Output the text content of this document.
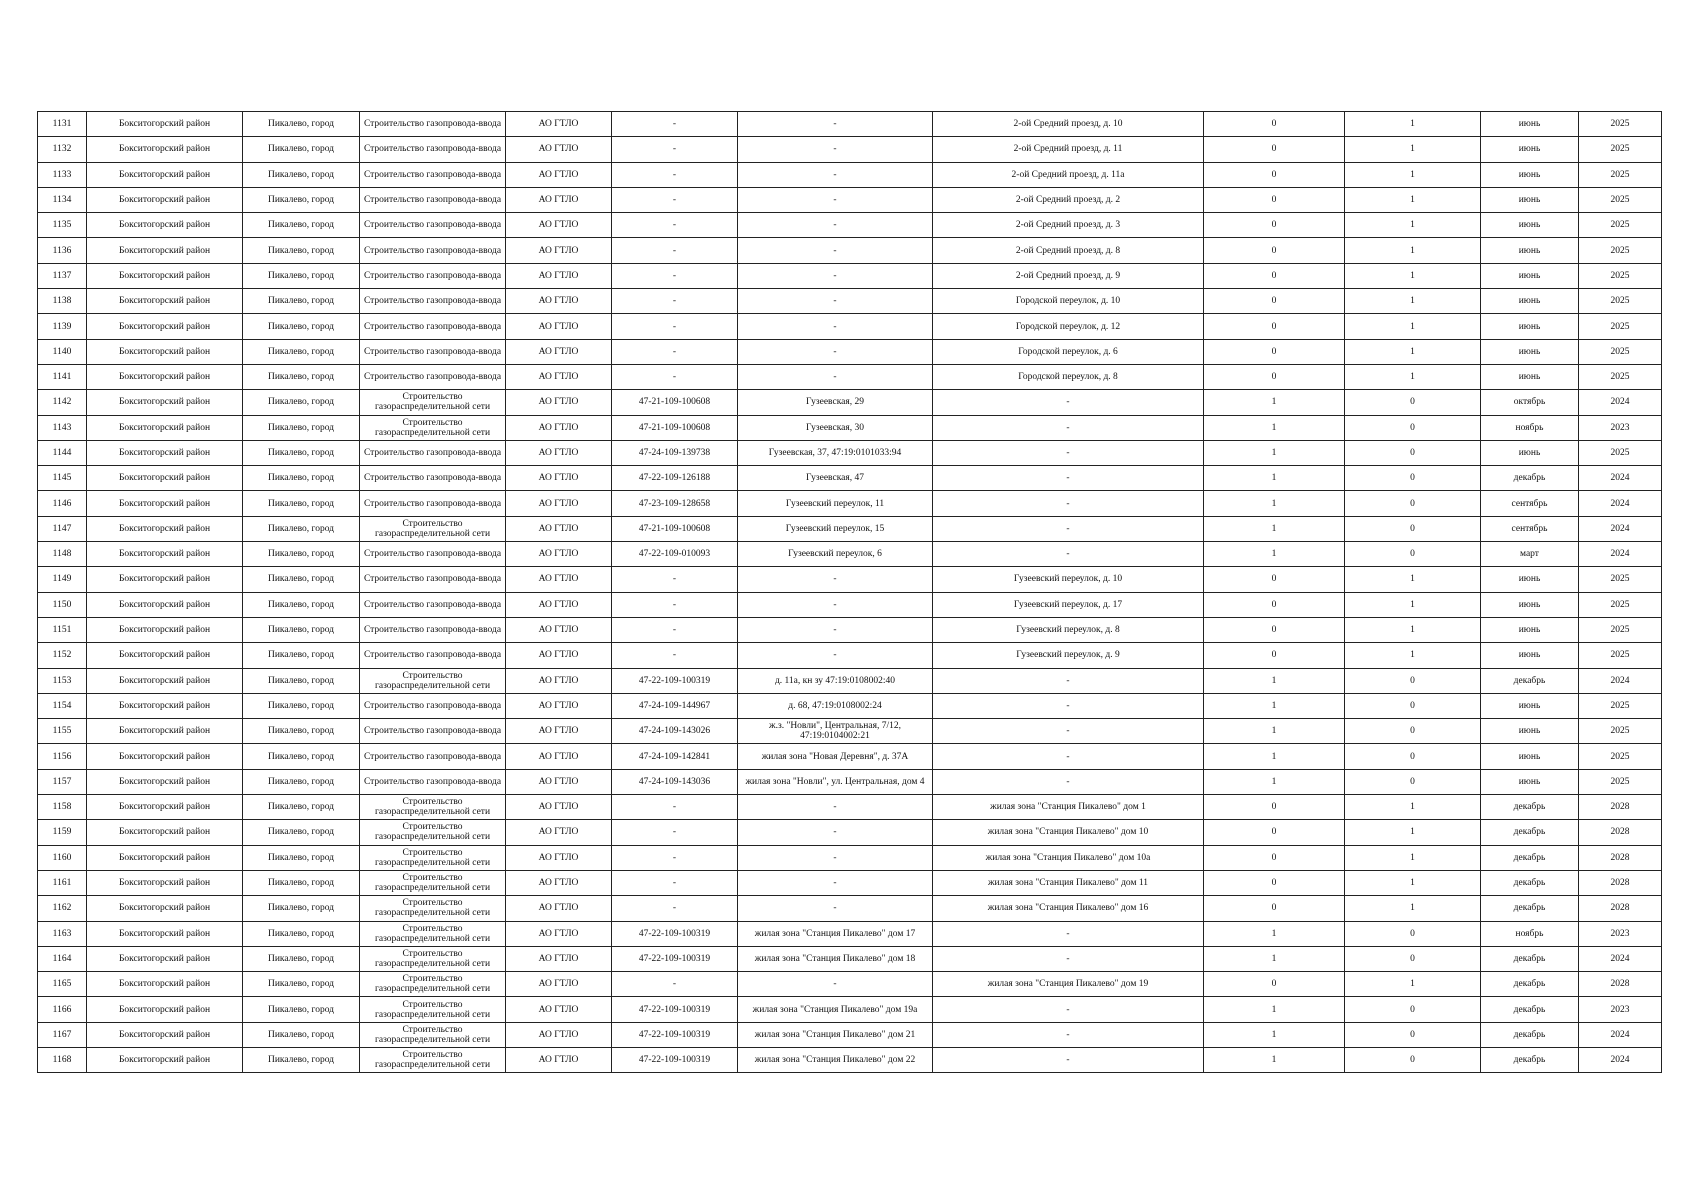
1131	Бокситогорский район	Пикалево, город	Строительство газопровода-ввода	АО ГТЛО	-	-	2-ой Средний проезд, д. 10	0	1	июнь	2025
1132	Бокситогорский район	Пикалево, город	Строительство газопровода-ввода	АО ГТЛО	-	-	2-ой Средний проезд, д. 11	0	1	июнь	2025
1133	Бокситогорский район	Пикалево, город	Строительство газопровода-ввода	АО ГТЛО	-	-	2-ой Средний проезд, д. 11а	0	1	июнь	2025
1134	Бокситогорский район	Пикалево, город	Строительство газопровода-ввода	АО ГТЛО	-	-	2-ой Средний проезд, д. 2	0	1	июнь	2025
1135	Бокситогорский район	Пикалево, город	Строительство газопровода-ввода	АО ГТЛО	-	-	2-ой Средний проезд, д. 3	0	1	июнь	2025
1136	Бокситогорский район	Пикалево, город	Строительство газопровода-ввода	АО ГТЛО	-	-	2-ой Средний проезд, д. 8	0	1	июнь	2025
1137	Бокситогорский район	Пикалево, город	Строительство газопровода-ввода	АО ГТЛО	-	-	2-ой Средний проезд, д. 9	0	1	июнь	2025
1138	Бокситогорский район	Пикалево, город	Строительство газопровода-ввода	АО ГТЛО	-	-	Городской переулок, д. 10	0	1	июнь	2025
1139	Бокситогорский район	Пикалево, город	Строительство газопровода-ввода	АО ГТЛО	-	-	Городской переулок, д. 12	0	1	июнь	2025
1140	Бокситогорский район	Пикалево, город	Строительство газопровода-ввода	АО ГТЛО	-	-	Городской переулок, д. 6	0	1	июнь	2025
1141	Бокситогорский район	Пикалево, город	Строительство газопровода-ввода	АО ГТЛО	-	-	Городской переулок, д. 8	0	1	июнь	2025
1142	Бокситогорский район	Пикалево, город	Строительство газораспределительной сети	АО ГТЛО	47-21-109-100608	Гузеевская, 29	-	1	0	октябрь	2024
1143	Бокситогорский район	Пикалево, город	Строительство газораспределительной сети	АО ГТЛО	47-21-109-100608	Гузеевская, 30	-	1	0	ноябрь	2023
1144	Бокситогорский район	Пикалево, город	Строительство газопровода-ввода	АО ГТЛО	47-24-109-139738	Гузеевская, 37, 47:19:0101033:94	-	1	0	июнь	2025
1145	Бокситогорский район	Пикалево, город	Строительство газопровода-ввода	АО ГТЛО	47-22-109-126188	Гузеевская, 47	-	1	0	декабрь	2024
1146	Бокситогорский район	Пикалево, город	Строительство газопровода-ввода	АО ГТЛО	47-23-109-128658	Гузеевский переулок, 11	-	1	0	сентябрь	2024
1147	Бокситогорский район	Пикалево, город	Строительство газораспределительной сети	АО ГТЛО	47-21-109-100608	Гузеевский переулок, 15	-	1	0	сентябрь	2024
1148	Бокситогорский район	Пикалево, город	Строительство газопровода-ввода	АО ГТЛО	47-22-109-010093	Гузеевский переулок, 6	-	1	0	март	2024
1149	Бокситогорский район	Пикалево, город	Строительство газопровода-ввода	АО ГТЛО	-	-	Гузеевский переулок, д. 10	0	1	июнь	2025
1150	Бокситогорский район	Пикалево, город	Строительство газопровода-ввода	АО ГТЛО	-	-	Гузеевский переулок, д. 17	0	1	июнь	2025
1151	Бокситогорский район	Пикалево, город	Строительство газопровода-ввода	АО ГТЛО	-	-	Гузеевский переулок, д. 8	0	1	июнь	2025
1152	Бокситогорский район	Пикалево, город	Строительство газопровода-ввода	АО ГТЛО	-	-	Гузеевский переулок, д. 9	0	1	июнь	2025
1153	Бокситогорский район	Пикалево, город	Строительство газораспределительной сети	АО ГТЛО	47-22-109-100319	д. 11а, кн зу 47:19:0108002:40	-	1	0	декабрь	2024
1154	Бокситогорский район	Пикалево, город	Строительство газопровода-ввода	АО ГТЛО	47-24-109-144967	д. 68, 47:19:0108002:24	-	1	0	июнь	2025
1155	Бокситогорский район	Пикалево, город	Строительство газопровода-ввода	АО ГТЛО	47-24-109-143026	ж.з. "Новли", Центральная, 7/12, 47:19:0104002:21	-	1	0	июнь	2025
1156	Бокситогорский район	Пикалево, город	Строительство газопровода-ввода	АО ГТЛО	47-24-109-142841	жилая зона "Новая Деревня", д. 37А	-	1	0	июнь	2025
1157	Бокситогорский район	Пикалево, город	Строительство газопровода-ввода	АО ГТЛО	47-24-109-143036	жилая зона "Новли", ул. Центральная, дом 4	-	1	0	июнь	2025
1158	Бокситогорский район	Пикалево, город	Строительство газораспределительной сети	АО ГТЛО	-	-	жилая зона "Станция Пикалево" дом 1	0	1	декабрь	2028
1159	Бокситогорский район	Пикалево, город	Строительство газораспределительной сети	АО ГТЛО	-	-	жилая зона "Станция Пикалево" дом 10	0	1	декабрь	2028
1160	Бокситогорский район	Пикалево, город	Строительство газораспределительной сети	АО ГТЛО	-	-	жилая зона "Станция Пикалево" дом 10а	0	1	декабрь	2028
1161	Бокситогорский район	Пикалево, город	Строительство газораспределительной сети	АО ГТЛО	-	-	жилая зона "Станция Пикалево" дом 11	0	1	декабрь	2028
1162	Бокситогорский район	Пикалево, город	Строительство газораспределительной сети	АО ГТЛО	-	-	жилая зона "Станция Пикалево" дом 16	0	1	декабрь	2028
1163	Бокситогорский район	Пикалево, город	Строительство газораспределительной сети	АО ГТЛО	47-22-109-100319	жилая зона "Станция Пикалево" дом 17	-	1	0	ноябрь	2023
1164	Бокситогорский район	Пикалево, город	Строительство газораспределительной сети	АО ГТЛО	47-22-109-100319	жилая зона "Станция Пикалево" дом 18	-	1	0	декабрь	2024
1165	Бокситогорский район	Пикалево, город	Строительство газораспределительной сети	АО ГТЛО	-	-	жилая зона "Станция Пикалево" дом 19	0	1	декабрь	2028
1166	Бокситогорский район	Пикалево, город	Строительство газораспределительной сети	АО ГТЛО	47-22-109-100319	жилая зона "Станция Пикалево" дом 19а	-	1	0	декабрь	2023
1167	Бокситогорский район	Пикалево, город	Строительство газораспределительной сети	АО ГТЛО	47-22-109-100319	жилая зона "Станция Пикалево" дом 21	-	1	0	декабрь	2024
1168	Бокситогорский район	Пикалево, город	Строительство газораспределительной сети	АО ГТЛО	47-22-109-100319	жилая зона "Станция Пикалево" дом 22	-	1	0	декабрь	2024
